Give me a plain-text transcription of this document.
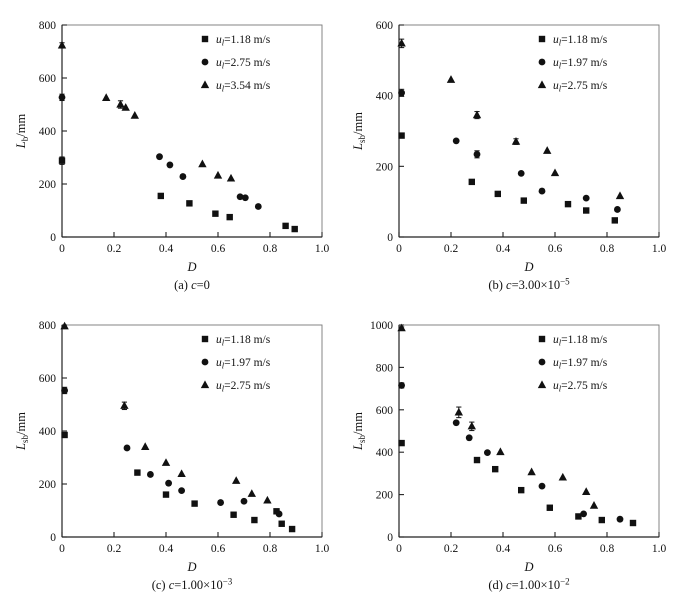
0	0.2	0.4	0.6	0.8	1.0
0
200
400
600
800
D
$L_b/mm$
$u_l=1.18$ m/s
$u_l=2.75$ m/s
$u_l=3.54$ m/s
(a) c=0
0	0.2	0.4	0.6	0.8	1.0
0
200
400
600
D
$L_{sb}/mm$
$u_l=1.18$ m/s
$u_l=1.97$ m/s
$u_l=2.75$ m/s
(b) $c=3.00\times 10^{-5}$
0	0.2	0.4	0.6	0.8	1.0
0
200
400
600
800
D
$L_{sb}/mm$
$u_l=1.18$ m/s
$u_l=1.97$ m/s
$u_l=2.75$ m/s
(c) $c=1.00\times 10^{-3}$
0	0.2	0.4	0.6	0.8	1.0
0
200
400
600
800
1000
D
$L_{sb}/mm$
$u_l=1.18$ m/s
$u_l=1.97$ m/s
$u_l=2.75$ m/s
(d) $c=1.00\times 10^{-2}$
